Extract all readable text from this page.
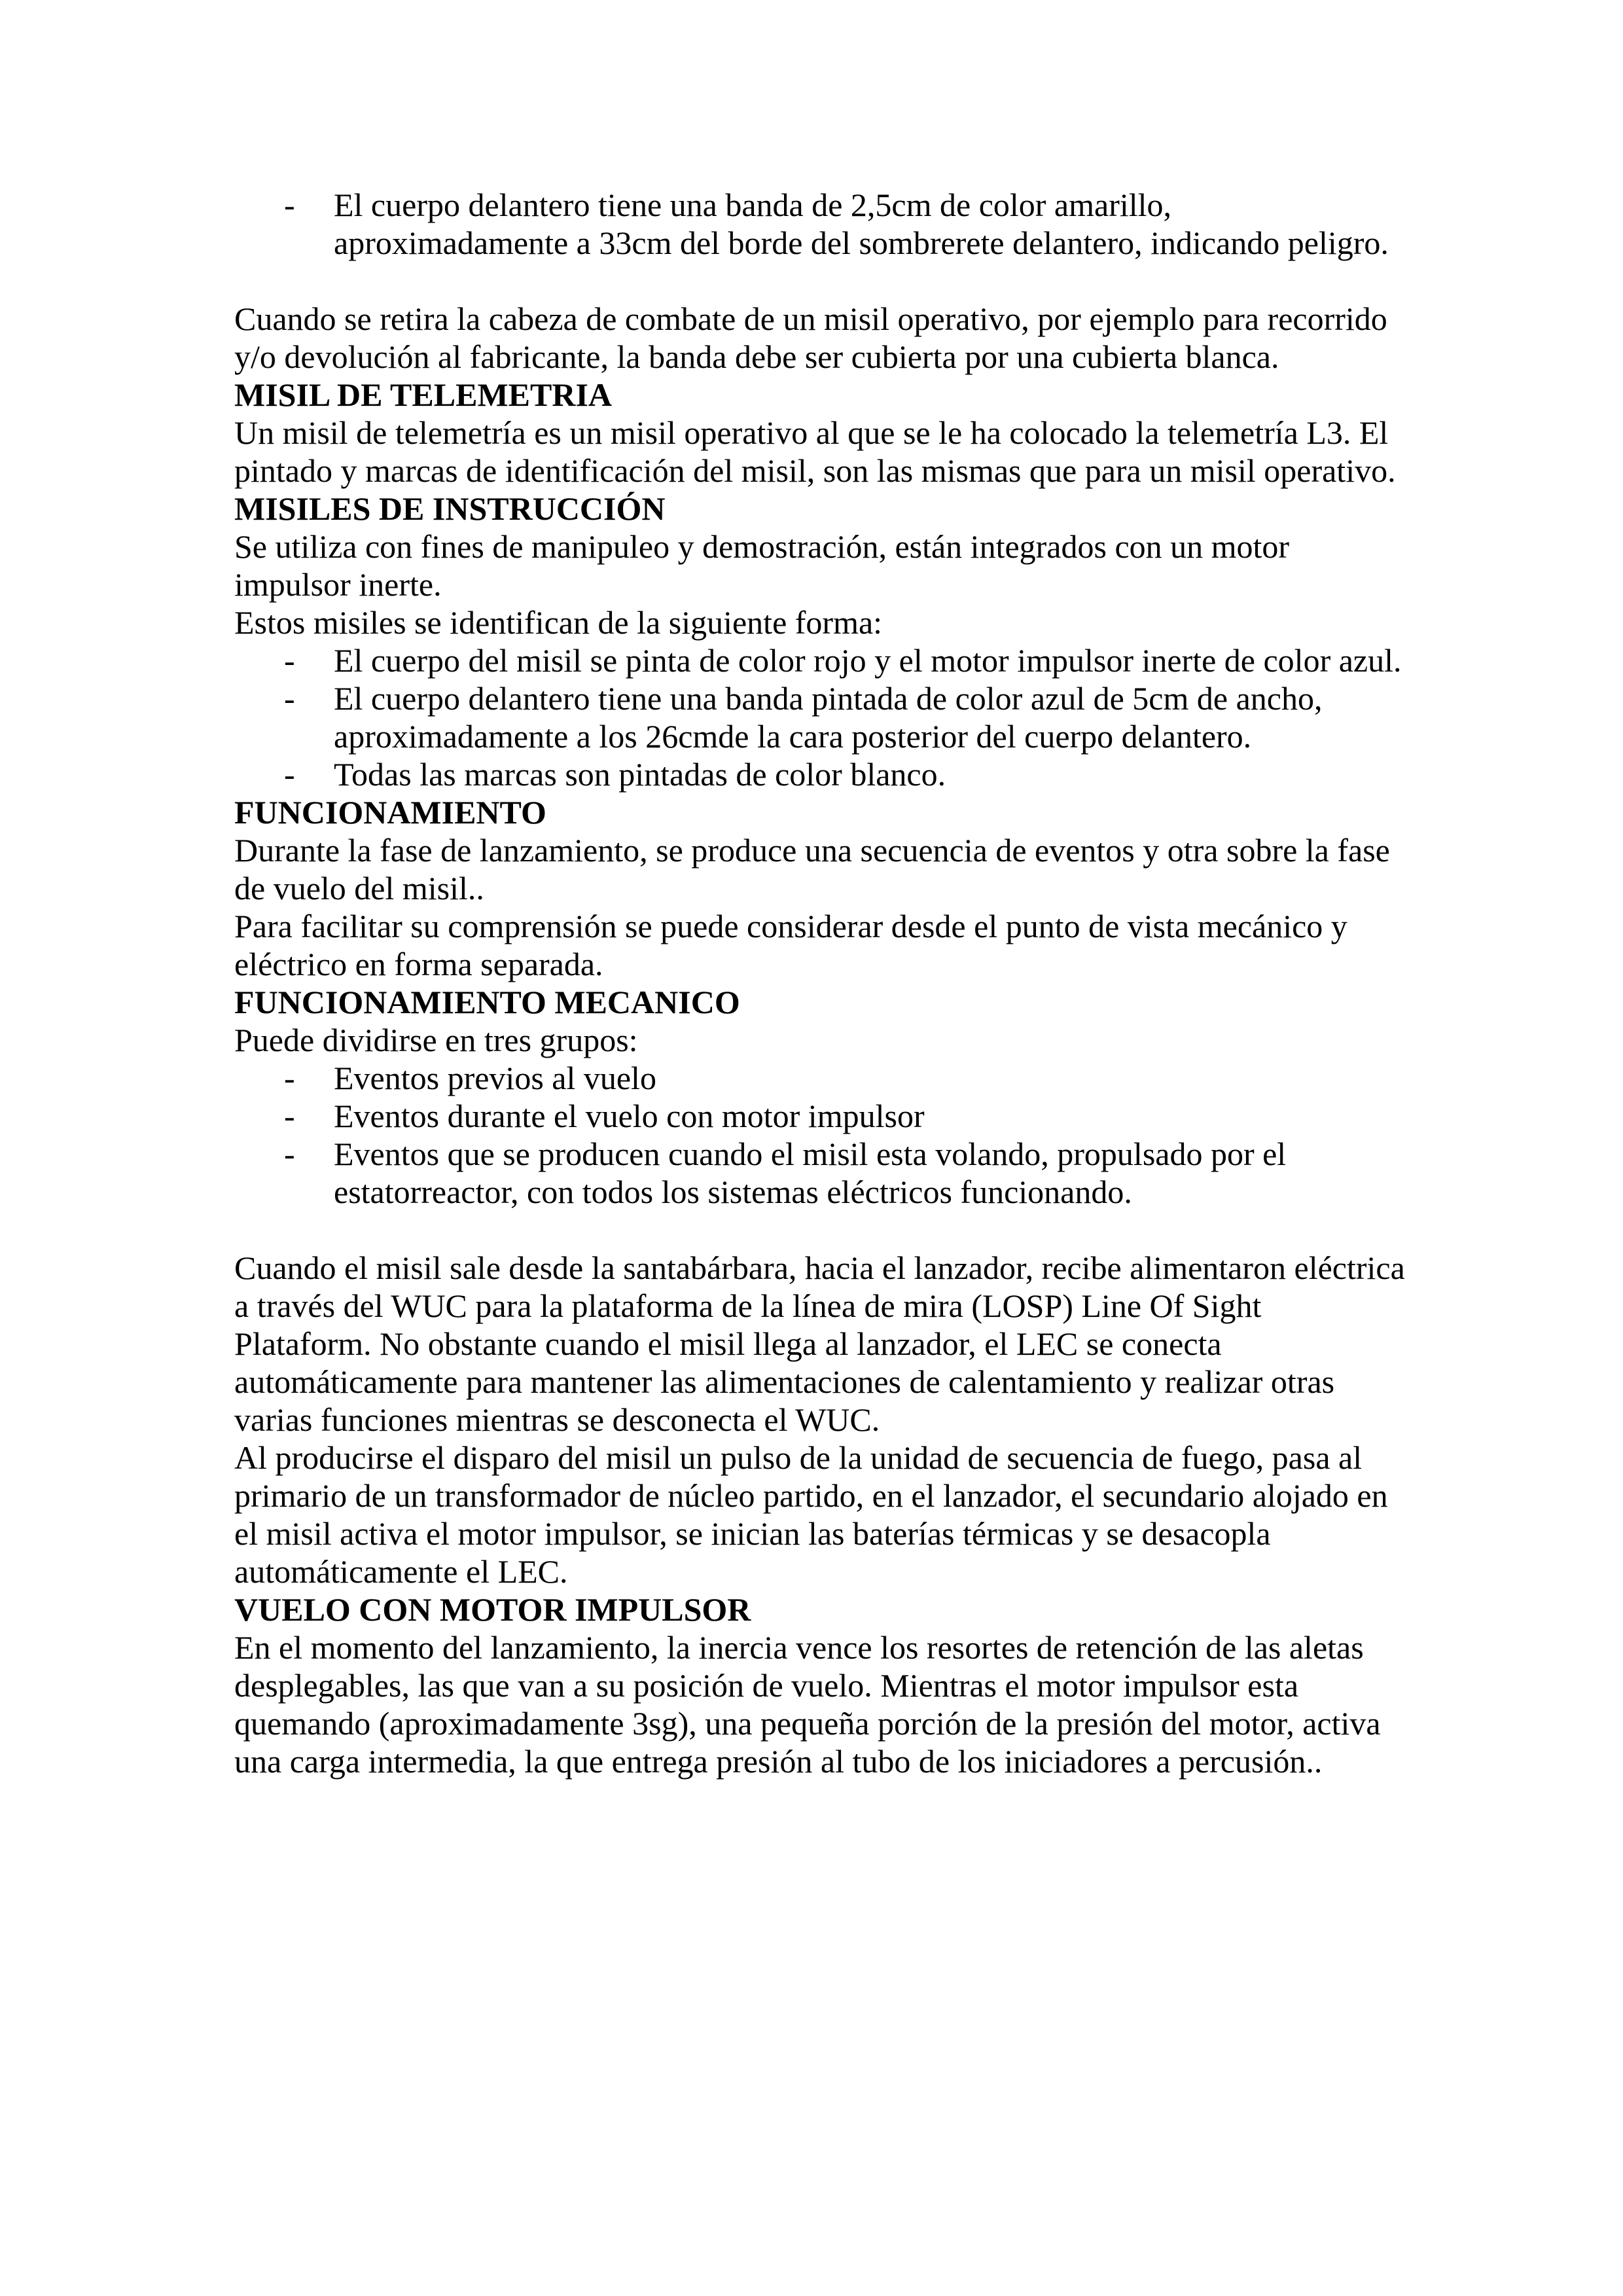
- El cuerpo delantero tiene una banda de 2,5cm de color amarillo, aproximadamente a 33cm del borde del sombrerete delantero, indicando peligro.

Cuando se retira la cabeza de combate de un misil operativo, por ejemplo para recorrido y/o devolución al fabricante, la banda debe ser cubierta por una cubierta blanca.

MISIL DE TELEMETRIA

Un misil de telemetría es un misil operativo al que se le ha colocado la telemetría L3. El pintado y marcas de identificación del misil, son las mismas que para un misil operativo.

MISILES DE INSTRUCCIÓN

Se utiliza con fines de manipuleo y demostración, están integrados con un motor impulsor inerte.

Estos misiles se identifican de la siguiente forma:

- El cuerpo del misil se pinta de color rojo y el motor impulsor inerte de color azul.
- El cuerpo delantero tiene una banda pintada de color azul de 5cm de ancho, aproximadamente a los 26cmde la cara posterior del cuerpo delantero.
- Todas las marcas son pintadas de color blanco.
FUNCIONAMIENTO

Durante la fase de lanzamiento, se produce una secuencia de eventos y otra sobre la fase de vuelo del misil..

Para facilitar su comprensión se puede considerar desde el punto de vista mecánico y eléctrico en forma separada.

FUNCIONAMIENTO MECANICO

Puede dividirse en tres grupos:

- Eventos previos al vuelo
- Eventos durante el vuelo con motor impulsor
- Eventos que se producen cuando el misil esta volando, propulsado por el estatorreactor, con todos los sistemas eléctricos funcionando.

Cuando el misil sale desde la santabárbara, hacia el lanzador, recibe alimentaron eléctrica a través del WUC para la plataforma de la línea de mira (LOSP) Line Of Sight Plataform. No obstante cuando el misil llega al lanzador, el LEC se conecta automáticamente para mantener las alimentaciones de calentamiento y realizar otras varias funciones mientras se desconecta el WUC.

Al producirse el disparo del misil un pulso de la unidad de secuencia de fuego, pasa al primario de un transformador de núcleo partido, en el lanzador, el secundario alojado en el misil activa el motor impulsor, se inician las baterías térmicas y se desacopla automáticamente el LEC.

VUELO CON MOTOR IMPULSOR

En el momento del lanzamiento, la inercia vence los resortes de retención de las aletas desplegables, las que van a su posición de vuelo. Mientras el motor impulsor esta quemando (aproximadamente 3sg), una pequeña porción de la presión del motor, activa una carga intermedia, la que entrega presión al tubo de los iniciadores a percusión..
